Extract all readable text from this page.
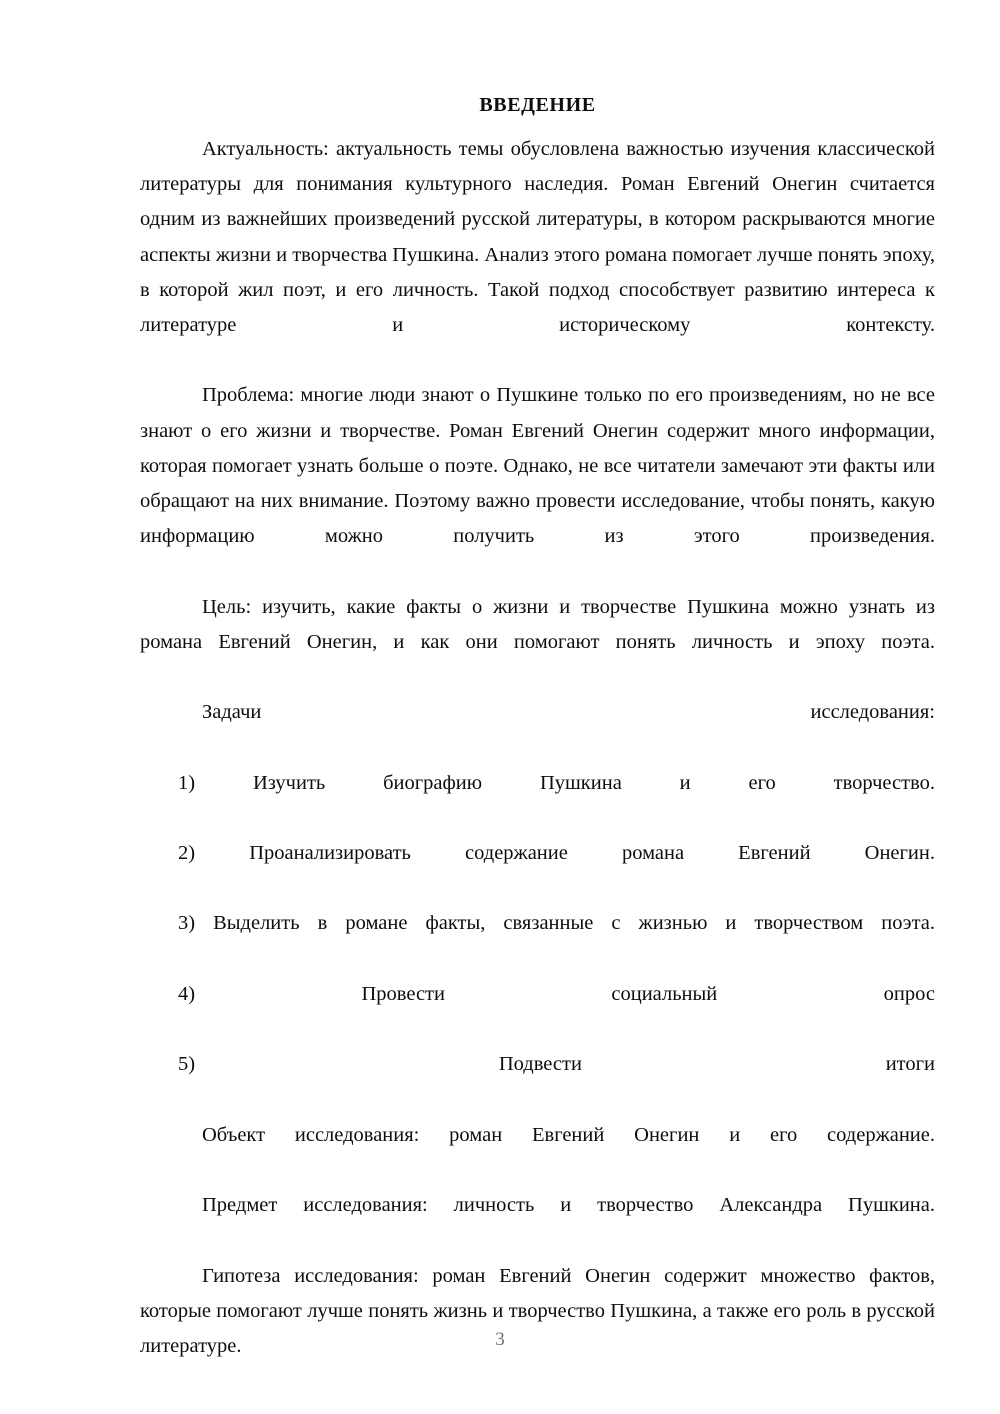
ВВЕДЕНИЕ

Актуальность: актуальность темы обусловлена важностью изучения классической литературы для понимания культурного наследия. Роман Евгений Онегин считается одним из важнейших произведений русской литературы, в котором раскрываются многие аспекты жизни и творчества Пушкина. Анализ этого романа помогает лучше понять эпоху, в которой жил поэт, и его личность. Такой подход способствует развитию интереса к литературе и историческому контексту.

Проблема: многие люди знают о Пушкине только по его произведениям, но не все знают о его жизни и творчестве. Роман Евгений Онегин содержит много информации, которая помогает узнать больше о поэте. Однако, не все читатели замечают эти факты или обращают на них внимание. Поэтому важно провести исследование, чтобы понять, какую информацию можно получить из этого произведения.

Цель: изучить, какие факты о жизни и творчестве Пушкина можно узнать из романа Евгений Онегин, и как они помогают понять личность и эпоху поэта.

Задачи исследования:

1) Изучить биографию Пушкина и его творчество.

2) Проанализировать содержание романа Евгений Онегин.

3) Выделить в романе факты, связанные с жизнью и творчеством поэта.

4) Провести социальный опрос

5) Подвести итоги

Объект исследования: роман Евгений Онегин и его содержание.

Предмет исследования: личность и творчество Александра Пушкина.

Гипотеза исследования: роман Евгений Онегин содержит множество фактов, которые помогают лучше понять жизнь и творчество Пушкина, а также его роль в русской литературе.	3
